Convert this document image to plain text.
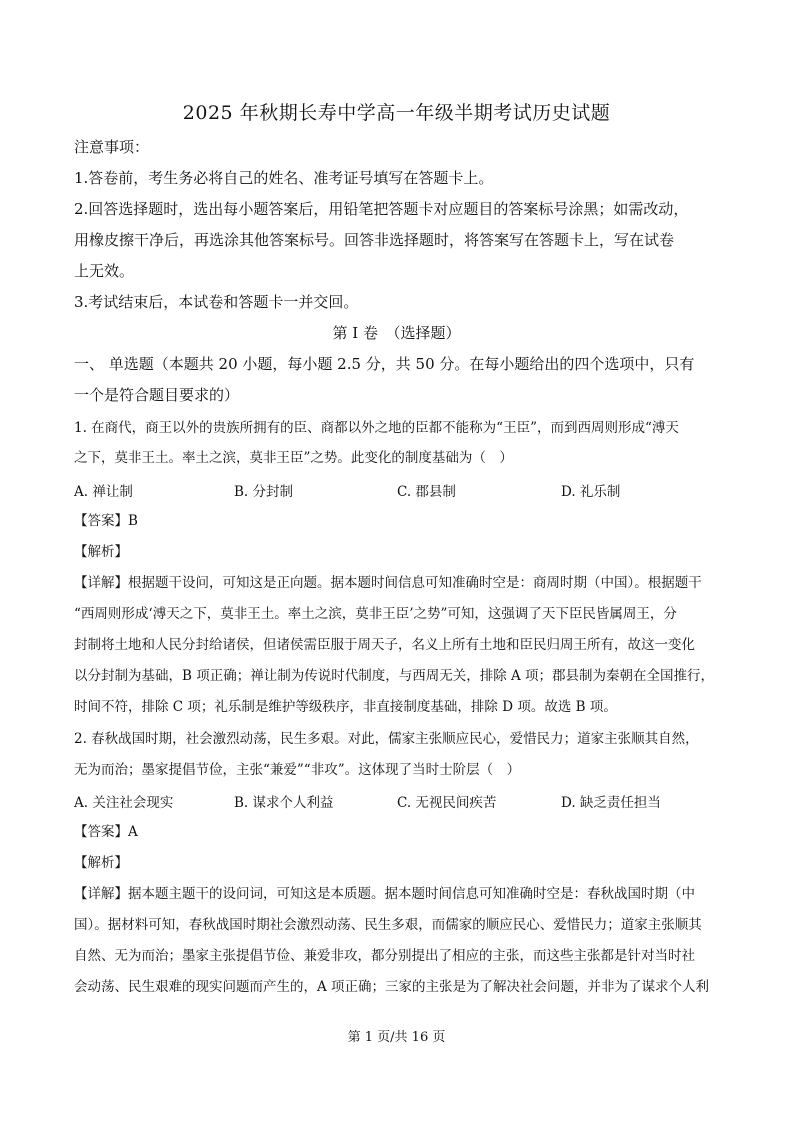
2025 年秋期长寿中学高一年级半期考试历史试题
注意事项：
1.答卷前，考生务必将自己的姓名、准考证号填写在答题卡上。
2.回答选择题时，选出每小题答案后，用铅笔把答题卡对应题目的答案标号涂黑；如需改动，
用橡皮擦干净后，再选涂其他答案标号。回答非选择题时，将答案写在答题卡上，写在试卷
上无效。
3.考试结束后，本试卷和答题卡一并交回。
第 I 卷　（选择题）
一、 单选题（本题共 20 小题，每小题 2.5 分，共 50 分。在每小题给出的四个选项中，只有
一个是符合题目要求的）
1. 在商代，商王以外的贵族所拥有的臣、商都以外之地的臣都不能称为“王臣”，而到西周则形成“溥天
之下，莫非王土。率土之滨，莫非王臣”之势。此变化的制度基础为（　）
A. 禅让制	B. 分封制	C. 郡县制	D. 礼乐制
【答案】B
【解析】
【详解】根据题干设问，可知这是正向题。据本题时间信息可知准确时空是：商周时期（中国）。根据题干
“西周则形成‘溥天之下，莫非王土。率土之滨，莫非王臣’之势”可知，这强调了天下臣民皆属周王，分
封制将土地和人民分封给诸侯，但诸侯需臣服于周天子，名义上所有土地和臣民归周王所有，故这一变化
以分封制为基础，B 项正确；禅让制为传说时代制度，与西周无关，排除 A 项；郡县制为秦朝在全国推行，
时间不符，排除 C 项；礼乐制是维护等级秩序，非直接制度基础，排除 D 项。故选 B 项。
2. 春秋战国时期，社会激烈动荡，民生多艰。对此，儒家主张顺应民心，爱惜民力；道家主张顺其自然，
无为而治；墨家提倡节俭，主张“兼爱”“非攻”。这体现了当时士阶层（　）
A. 关注社会现实	B. 谋求个人利益	C. 无视民间疾苦	D. 缺乏责任担当
【答案】A
【解析】
【详解】据本题主题干的设问词，可知这是本质题。据本题时间信息可知准确时空是：春秋战国时期（中
国）。据材料可知，春秋战国时期社会激烈动荡、民生多艰，而儒家的顺应民心、爱惜民力；道家主张顺其
自然、无为而治；墨家主张提倡节俭、兼爱非攻，都分别提出了相应的主张，而这些主张都是针对当时社
会动荡、民生艰难的现实问题而产生的，A 项正确；三家的主张是为了解决社会问题，并非为了谋求个人利
第 1 页/共 16 页
